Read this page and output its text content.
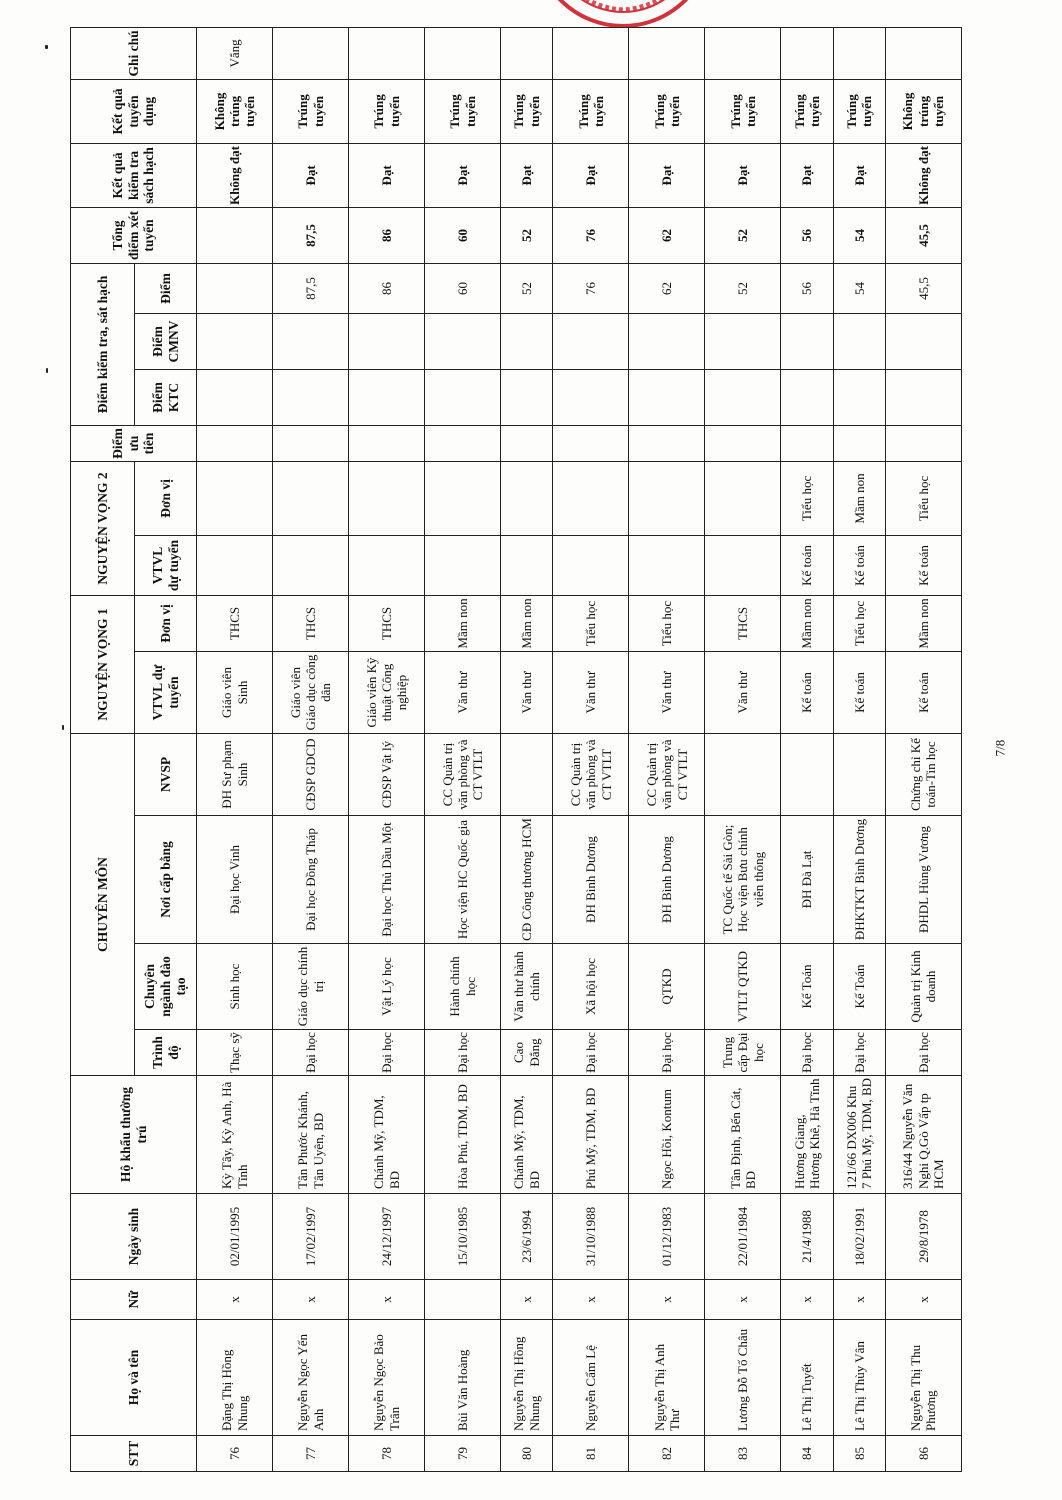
STT	Họ và tên	Nữ	Ngày sinh	Hộ khẩu thường trú	CHUYÊN MÔN				NGUYỆN VỌNG 1		NGUYỆN VỌNG 2		Điểm ưu tiên	Điểm kiểm tra, sát hạch			Tổng điểm xét tuyển	Kết quả kiểm tra sách hạch	Kết quả tuyển dụng	Ghi chú
					Trình độ	Chuyên ngành đào tạo	Nơi cấp bằng	NVSP	VTVL dự tuyển	Đơn vị	VTVL dự tuyển	Đơn vị		Điểm KTC	Điểm CMNV	Điểm				
76	Đặng Thị Hồng Nhung	x	02/01/1995	Kỳ Tây, Kỳ Anh, Hà Tĩnh	Thạc sỹ	Sinh học	Đại học Vinh	ĐH Sư phạm Sinh	Giáo viên Sinh	THCS								Không đạt	Không trúng tuyển	Vắng
77	Nguyễn Ngọc Yến Anh	x	17/02/1997	Tân Phước Khánh, Tân Uyên, BD	Đại học	Giáo dục chính trị	Đại học Đồng Tháp	CĐSP GDCD	Giáo viên Giáo dục công dân	THCS						87,5	87,5	Đạt	Trúng tuyển	
78	Nguyễn Ngọc Bảo Trân	x	24/12/1997	Chánh Mỹ, TDM, BD	Đại học	Vật Lý học	Đại học Thủ Dầu Một	CĐSP Vật lý	Giáo viên Kỹ thuật Công nghiệp	THCS						86	86	Đạt	Trúng tuyển	
79	Bùi Văn Hoàng		15/10/1985	Hòa Phú, TDM, BD	Đại học	Hành chính học	Học viện HC Quốc gia	CC Quản trị văn phòng và CT VTLT	Văn thư	Mầm non						60	60	Đạt	Trúng tuyển	
80	Nguyễn Thị Hồng Nhung	x	23/6/1994	Chánh Mỹ, TDM, BD	Cao Đẳng	Văn thư hành chính	CĐ Công thương HCM		Văn thư	Mầm non						52	52	Đạt	Trúng tuyển	
81	Nguyễn Cẩm Lệ	x	31/10/1988	Phú Mỹ, TDM, BD	Đại học	Xã hội học	ĐH Bình Dương	CC Quản trị văn phòng và CT VTLT	Văn thư	Tiểu học						76	76	Đạt	Trúng tuyển	
82	Nguyễn Thị Anh Thư	x	01/12/1983	Ngọc Hồi, Kontum	Đại học	QTKD	ĐH Bình Dương	CC Quản trị văn phòng và CT VTLT	Văn thư	Tiểu học						62	62	Đạt	Trúng tuyển	
83	Lương Đỗ Tố Châu	x	22/01/1984	Tân Định, Bến Cát, BD	Trung cấp Đại học	VTLT QTKD	TC Quốc tế Sài Gòn; Học viện Bưu chính viễn thông		Văn thư	THCS						52	52	Đạt	Trúng tuyển	
84	Lê Thị Tuyết	x	21/4/1988	Hương Giang, Hương Khê, Hà Tĩnh	Đại học	Kế Toán	ĐH Đà Lạt		Kế toán	Mầm non	Kế toán	Tiểu học				56	56	Đạt	Trúng tuyển	
85	Lê Thị Thùy Vân	x	18/02/1991	121/66 DX006 Khu 7 Phú Mỹ, TDM, BD	Đại học	Kế Toán	ĐHKTKT Bình Dương		Kế toán	Tiểu học	Kế toán	Mầm non				54	54	Đạt	Trúng tuyển	
86	Nguyễn Thị Thu Phương	x	29/8/1978	316/44 Nguyễn Văn Nghi Q.Gò Vấp tp HCM	Đại học	Quản trị Kinh doanh	ĐHDL Hùng Vương	Chứng chỉ Kế toán-Tin học	Kế toán	Mầm non	Kế toán	Tiểu học				45,5	45,5	Không đạt	Không trúng tuyển	
7/8
